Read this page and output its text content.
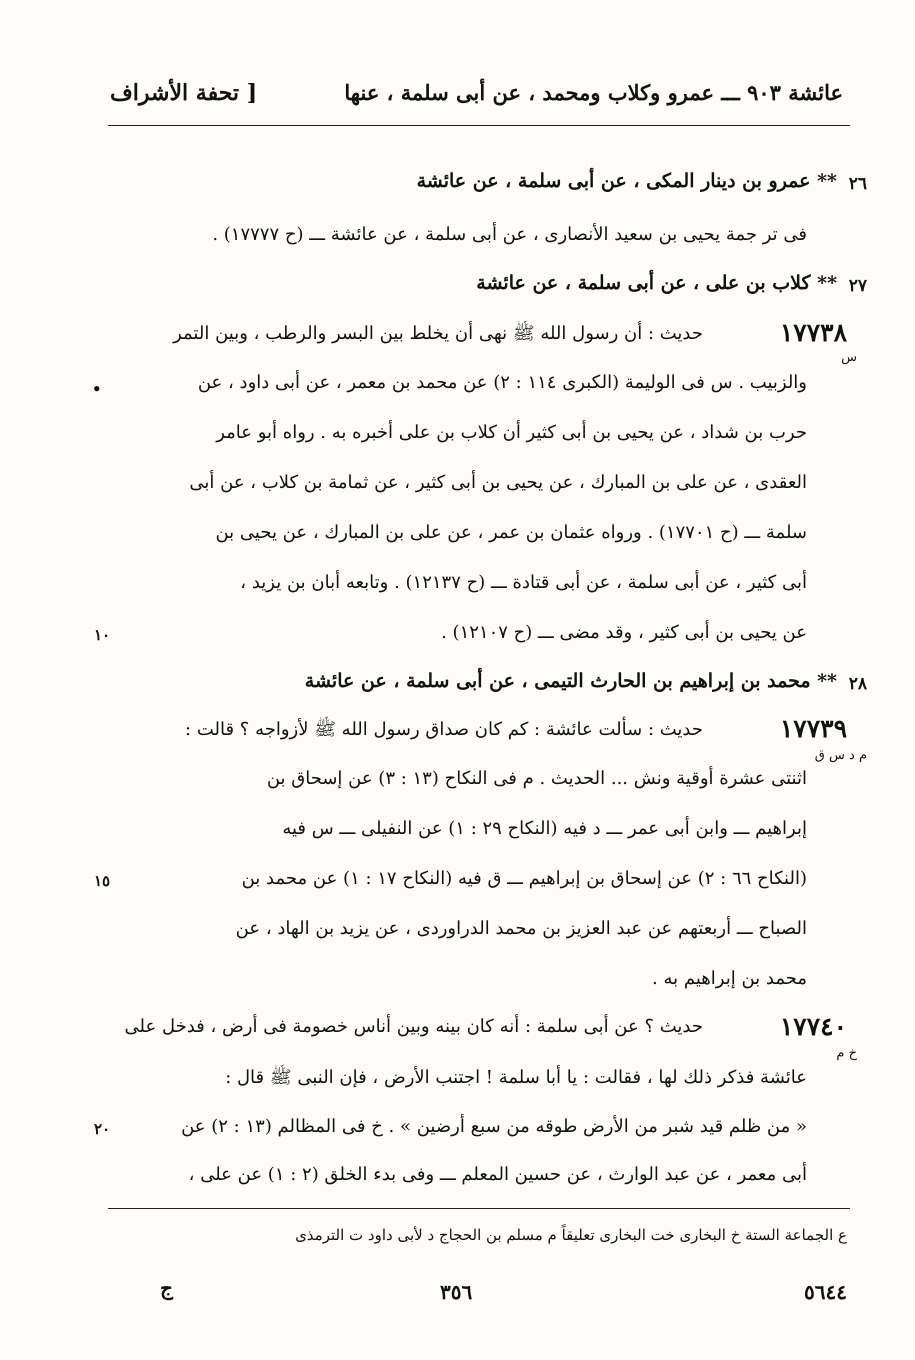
عائشة ٩٠٣ ـــ عمرو وكلاب ومحمد ، عن أبى سلمة ، عنها
[ تحفة الأشراف
٢٦
** عمرو بن دينار المكى ، عن أبى سلمة ، عن عائشة
فى تر جمة يحيى بن سعيد الأنصارى ، عن أبى سلمة ، عن عائشة ـــ (ح ١٧٧٧٧) .
٢٧
** كلاب بن على ، عن أبى سلمة ، عن عائشة
١٧٧٣٨
س
حديث : أن رسول الله ﷺ نهى أن يخلط بين البسر والرطب ، وبين التمر
والزبيب . س فى الوليمة (الكبرى ١١٤ : ٢) عن محمد بن معمر ، عن أبى داود ، عن
حرب بن شداد ، عن يحيى بن أبى كثير أن كلاب بن على أخبره به . رواه أبو عامر
العقدى ، عن على بن المبارك ، عن يحيى بن أبى كثير ، عن ثمامة بن كلاب ، عن أبى
سلمة ـــ (ح ١٧٧٠١) . ورواه عثمان بن عمر ، عن على بن المبارك ، عن يحيى بن
أبى كثير ، عن أبى سلمة ، عن أبى قتادة ـــ (ح ١٢١٣٧) . وتابعه أبان بن يزيد ،
عن يحيى بن أبى كثير ، وقد مضى ـــ (ح ١٢١٠٧) .
٢٨
** محمد بن إبراهيم بن الحارث التيمى ، عن أبى سلمة ، عن عائشة
١٧٧٣٩
م د س ق
حديث : سألت عائشة : كم كان صداق رسول الله ﷺ لأزواجه ؟ قالت :
اثنتى عشرة أوقية ونش ... الحديث . م فى النكاح (١٣ : ٣) عن إسحاق بن
إبراهيم ـــ وابن أبى عمر ـــ د فيه (النكاح ٢٩ : ١) عن النفيلى ـــ س فيه
(النكاح ٦٦ : ٢) عن إسحاق بن إبراهيم ـــ ق فيه (النكاح ١٧ : ١) عن محمد بن
الصباح ـــ أربعتهم عن عبد العزيز بن محمد الدراوردى ، عن يزيد بن الهاد ، عن
محمد بن إبراهيم به .
١٧٧٤٠
خ م
حديث ؟ عن أبى سلمة : أنه كان بينه وبين أناس خصومة فى أرض ، فدخل على
عائشة فذكر ذلك لها ، فقالت : يا أبا سلمة ! اجتنب الأرض ، فإن النبى ﷺ قال :
« من ظلم قيد شبر من الأرض طوقه من سبع أرضين » . خ فى المظالم (١٣ : ٢) عن
أبى معمر ، عن عبد الوارث ، عن حسين المعلم ـــ وفى بدء الخلق (٢ : ١) عن على ،
•
١٠
١٥
٢٠
ع الجماعة الستة خ البخارى خت البخارى تعليقاً م مسلم بن الحجاج د لأبى داود ت الترمذى
٥٦٤٤
٣٥٦
ج
